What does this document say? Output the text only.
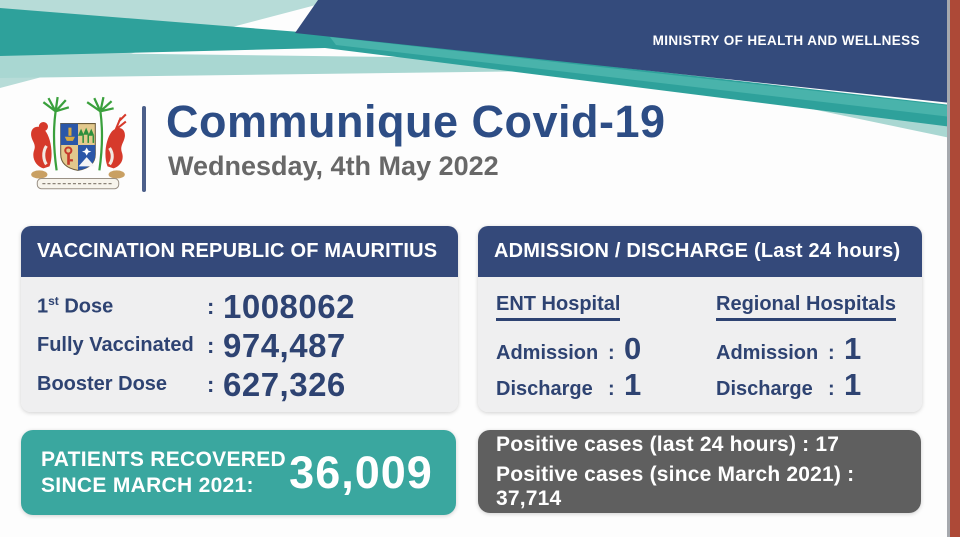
MINISTRY OF HEALTH AND WELLNESS
Communique Covid-19
Wednesday, 4th May 2022
VACCINATION REPUBLIC OF MAURITIUS
1st Dose	: 1008062
Fully Vaccinated : 974,487
Booster Dose	: 627,326
ADMISSION / DISCHARGE (Last 24 hours)
ENT Hospital
Admission : 0
Discharge : 1
Regional Hospitals
Admission : 1
Discharge : 1
PATIENTS RECOVERED
SINCE MARCH 2021: 36,009
Positive cases (last 24 hours) : 17
Positive cases (since March 2021) : 37,714
